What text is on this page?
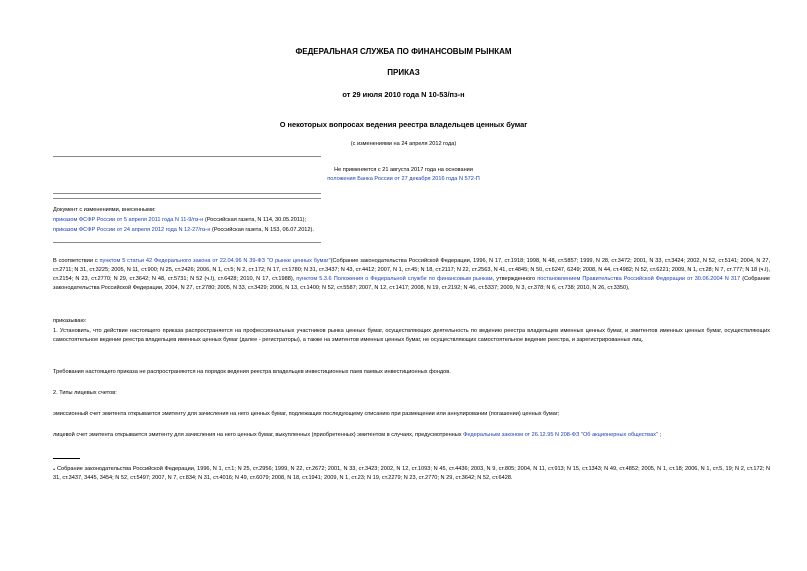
ФЕДЕРАЛЬНАЯ СЛУЖБА ПО ФИНАНСОВЫМ РЫНКАМ
ПРИКАЗ
от 29 июля 2010 года N 10-53/пз-н
О некоторых вопросах ведения реестра владельцев ценных бумаг
(с изменениями на 24 апреля 2012 года)
Не применяется с 21 августа 2017 года на основании
положения Банка России от 27 декабря 2016 года N 572-П
Документ с изменениями, внесенными:
приказом ФСФР России от 5 апреля 2011 года N 11-9/пз-н (Российская газета, N 114, 30.05.2011);
приказом ФСФР России от 24 апреля 2012 года N 12-27/пз-н (Российская газета, N 153, 06.07.2012).
В соответствии с пунктом 5 статьи 42 Федерального закона от 22.04.96 N 39-ФЗ "О рынке ценных бумаг"(Собрание законодательства Российской Федерации, 1996, N 17, ст.1918; 1998, N 48, ст.5857; 1999, N 28, ст.3472; 2001, N 33, ст.3424; 2002, N 52, ст.5141; 2004, N 27, ст.2711; N 31, ст.3225; 2005, N 11, ст.900; N 25, ст.2426; 2006, N 1, ст.5; N 2, ст.172; N 17, ст.1780; N 31, ст.3437; N 43, ст.4412; 2007, N 1, ст.45; N 18, ст.2117; N 22, ст.2563, N 41, ст.4845; N 50, ст.6247, 6249; 2008, N 44, ст.4982; N 52, ст.6221; 2009, N 1, ст.28; N 7, ст.777; N 18 (ч.I), ст.2154; N 23, ст.2770; N 29, ст.3642; N 48, ст.5731; N 52 (ч.I), ст.6428; 2010, N 17, ст.1988), пунктом 5.3.6 Положения о Федеральной службе по финансовым рынкам, утвержденного постановлением Правительства Российской Федерации от 30.06.2004 N 317 (Собрание законодательства Российской Федерации, 2004, N 27, ст.2780; 2005, N 33, ст.3429; 2006, N 13, ст.1400; N 52, ст.5587; 2007, N 12, ст.1417; 2008, N 19, ст.2192; N 46, ст.5337; 2009, N 3, ст.378; N 6, ст.738; 2010, N 26, ст.3350),
приказываю:
1. Установить, что действие настоящего приказа распространяется на профессиональных участников рынка ценных бумаг, осуществляющих деятельность по ведению реестра владельцев именных ценных бумаг, и эмитентов именных ценных бумаг, осуществляющих самостоятельное ведение реестра владельцев именных ценных бумаг (далее - регистраторы), а также на эмитентов именных ценных бумаг, не осуществляющих самостоятельное ведение реестра, и зарегистрированных лиц.
Требования настоящего приказа не распространяются на порядок ведения реестра владельцев инвестиционных паев паевых инвестиционных фондов.
2. Типы лицевых счетов:
эмиссионный счет эмитента открывается эмитенту для зачисления на него ценных бумаг, подлежащих последующему списанию при размещении или аннулировании (погашении) ценных бумаг;
лицевой счет эмитента открывается эмитенту для зачисления на него ценных бумаг, выкупленных (приобретенных) эмитентом в случаях, предусмотренных Федеральным законом от 26.12.95 N 208-ФЗ "Об акционерных обществах" ;
. Собрание законодательства Российской Федерации, 1996, N 1, ст.1; N 25, ст.2956; 1999, N 22, ст.2672; 2001, N 33, ст.3423; 2002, N 12, ст.1093; N 45, ст.4436; 2003, N 9, ст.805; 2004, N 11, ст.913; N 15, ст.1343; N 49, ст.4852; 2005, N 1, ст.18; 2006, N 1, ст.5, 19; N 2, ст.172; N 31, ст.3437, 3445, 3454; N 52, ст.5497; 2007, N 7, ст.834; N 31, ст.4016; N 49, ст.6079; 2008, N 18, ст.1941; 2009, N 1, ст.23; N 19, ст.2279; N 23, ст.2770; N 29, ст.3642; N 52, ст.6428.
